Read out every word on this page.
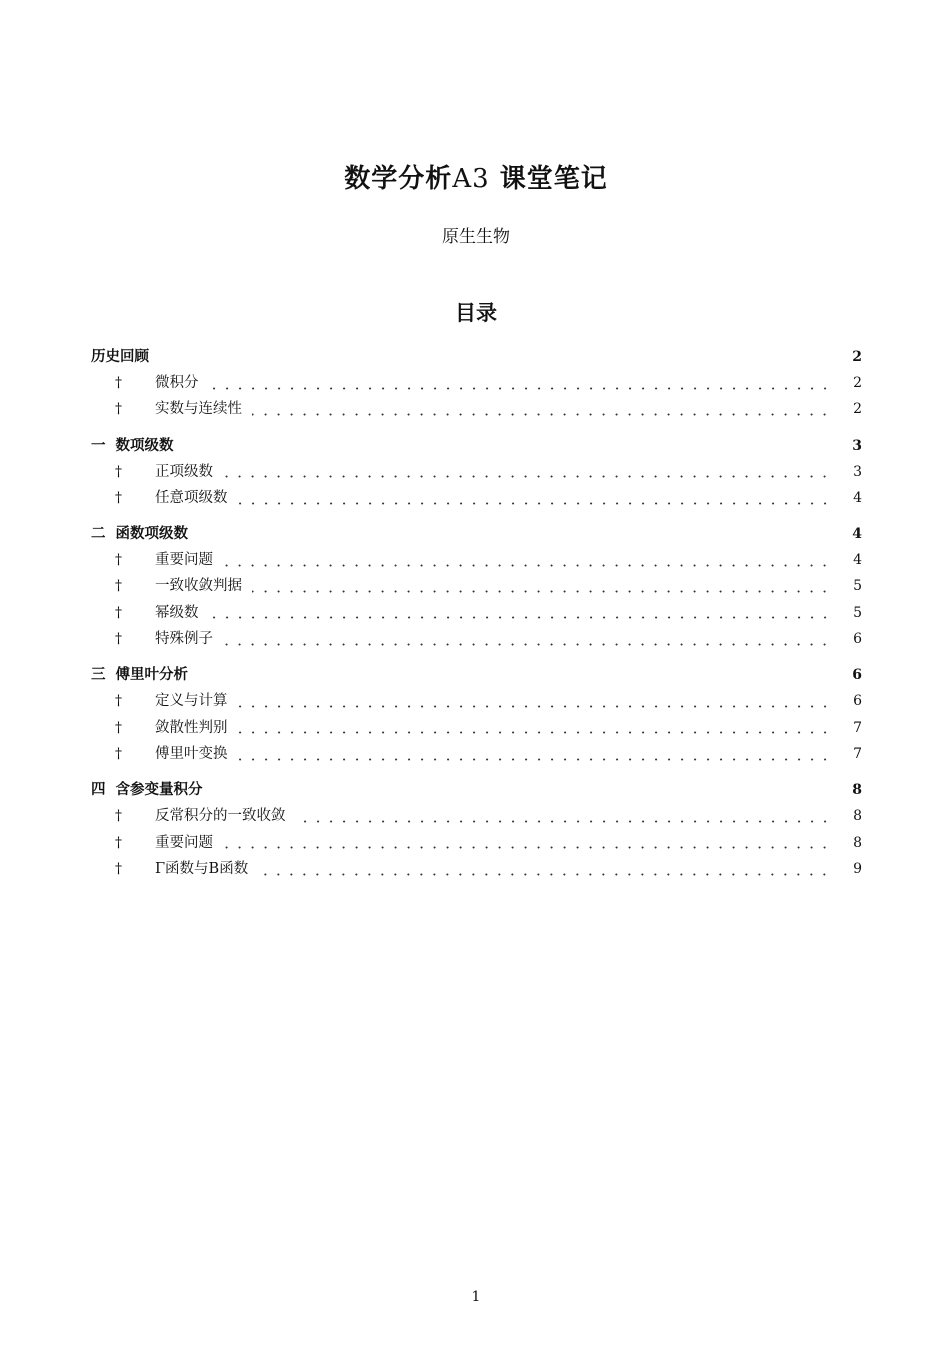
数学分析A3 课堂笔记
原生生物
目录
历史回顾	2
†	微积分	2
†	实数与连续性	2
一 数项级数	3
†	正项级数	3
†	任意项级数	4
二 函数项级数	4
†	重要问题	4
†	一致收敛判据	5
†	幂级数	5
†	特殊例子	6
三 傅里叶分析	6
†	定义与计算	6
†	敛散性判别	7
†	傅里叶变换	7
四 含参变量积分	8
†	反常积分的一致收敛	8
†	重要问题	8
†	Γ函数与B函数	9
1
